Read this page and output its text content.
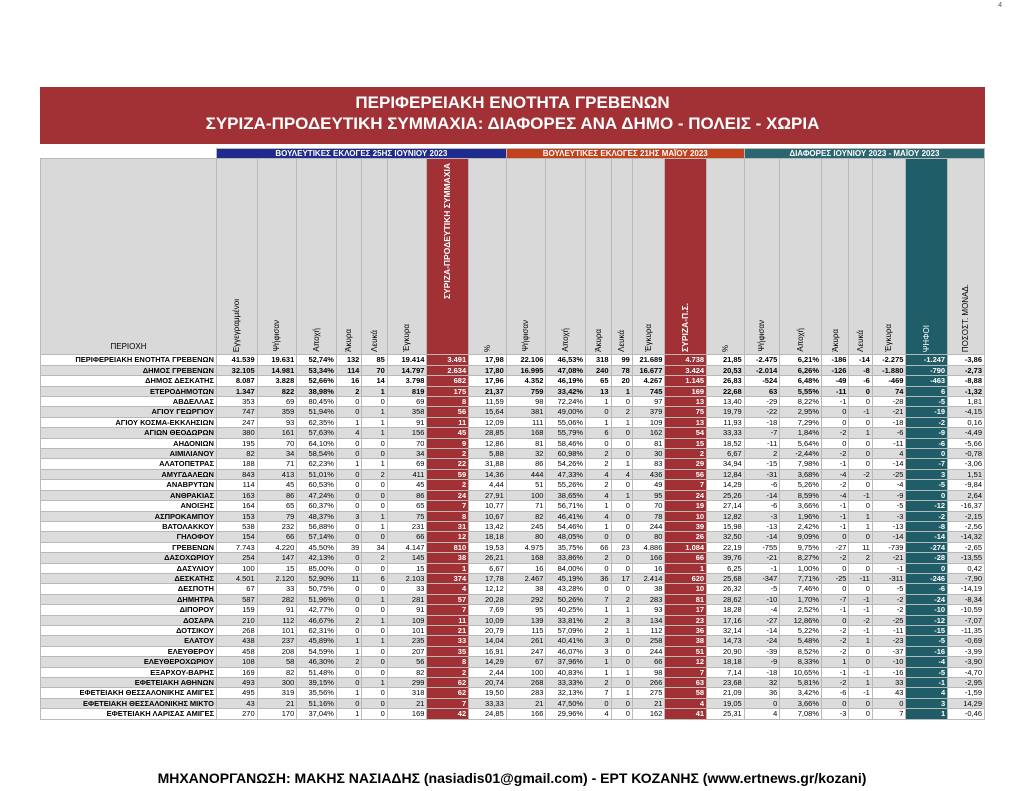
4
ΠΕΡΙΦΕΡΕΙΑΚΗ ΕΝΟΤΗΤΑ ΓΡΕΒΕΝΩΝ
ΣΥΡΙΖΑ-ΠΡΟΔΕΥΤΙΚΗ ΣΥΜΜΑΧΙΑ: ΔΙΑΦΟΡΕΣ ΑΝΑ ΔΗΜΟ - ΠΟΛΕΙΣ - ΧΩΡΙΑ
	ΒΟΥΛΕΥΤΙΚΕΣ ΕΚΛΟΓΕΣ 25ΗΣ ΙΟΥΝΙΟΥ 2023								ΒΟΥΛΕΥΤΙΚΕΣ ΕΚΛΟΓΕΣ 21ΗΣ ΜΑΪΟΥ 2023							ΔΙΑΦΟΡΕΣ ΙΟΥΝΙΟΥ 2023 - ΜΑΪΟΥ 2023						
ΠΕΡΙΟΧΗ	Εγγεγραμμένοι	Ψήφισαν	Αποχή	Άκυρα	Λευκά	Έγκυρα	ΣΥΡΙΖΑ-ΠΡΟΔΕΥΤΙΚΗ ΣΥΜΜΑΧΙΑ	%	Ψήφισαν	Αποχή	Άκυρα	Λευκά	Έγκυρα	ΣΥΡΙΖΑ-Π.Σ.	%	Ψήφισαν	Αποχή	Άκυρα	Λευκά	Έγκυρα	ΨΗΦΟΙ	ΠΟΣΟΣΤ. ΜΟΝΑΔ.
ΠΕΡΙΦΕΡΕΙΑΚΗ ΕΝΟΤΗΤΑ ΓΡΕΒΕΝΩΝ	41.539	19.631	52,74%	132	85	19.414	3.491	17,98	22.106	46,53%	318	99	21.689	4.738	21,85	-2.475	6,21%	-186	-14	-2.275	-1.247	-3,86
ΔΗΜΟΣ ΓΡΕΒΕΝΩΝ	32.105	14.981	53,34%	114	70	14.797	2.634	17,80	16.995	47,08%	240	78	16.677	3.424	20,53	-2.014	6,26%	-126	-8	-1.880	-790	-2,73
ΔΗΜΟΣ ΔΕΣΚΑΤΗΣ	8.087	3.828	52,66%	16	14	3.798	682	17,96	4.352	46,19%	65	20	4.267	1.145	26,83	-524	6,48%	-49	-6	-469	-463	-8,88
ΕΤΕΡΟΔΗΜΟΤΩΝ	1.347	822	38,98%	2	1	819	175	21,37	759	33,42%	13	1	745	169	22,68	63	5,55%	-11	0	74	6	-1,32
ΑΒΔΕΛΛΑΣ	353	69	80,45%	0	0	69	8	11,59	98	72,24%	1	0	97	13	13,40	-29	8,22%	-1	0	-28	-5	1,81
ΑΓΙΟΥ ΓΕΩΡΓΙΟΥ	747	359	51,94%	0	1	358	56	15,64	381	49,00%	0	2	379	75	19,79	-22	2,95%	0	-1	-21	-19	-4,15
ΑΓΙΟΥ ΚΟΣΜΑ-ΕΚΚΛΗΣΙΩΝ	247	93	62,35%	1	1	91	11	12,09	111	55,06%	1	1	109	13	11,93	-18	7,29%	0	0	-18	-2	0,16
ΑΓΙΩΝ ΘΕΟΔΩΡΩΝ	380	161	57,63%	4	1	156	45	28,85	168	55,79%	6	0	162	54	33,33	-7	1,84%	-2	1	-6	-9	-4,49
ΑΗΔΟΝΙΩΝ	195	70	64,10%	0	0	70	9	12,86	81	58,46%	0	0	81	15	18,52	-11	5,64%	0	0	-11	-6	-5,66
ΑΙΜΙΛΙΑΝΟΥ	82	34	58,54%	0	0	34	2	5,88	32	60,98%	2	0	30	2	6,67	2	-2,44%	-2	0	4	0	-0,78
ΑΛΑΤΟΠΕΤΡΑΣ	188	71	62,23%	1	1	69	22	31,88	86	54,26%	2	1	83	29	34,94	-15	7,98%	-1	0	-14	-7	-3,06
ΑΜΥΓΔΑΛΕΩΝ	843	413	51,01%	0	2	411	59	14,36	444	47,33%	4	4	436	56	12,84	-31	3,68%	-4	-2	-25	3	1,51
ΑΝΑΒΡΥΤΩΝ	114	45	60,53%	0	0	45	2	4,44	51	55,26%	2	0	49	7	14,29	-6	5,26%	-2	0	-4	-5	-9,84
ΑΝΘΡΑΚΙΑΣ	163	86	47,24%	0	0	86	24	27,91	100	38,65%	4	1	95	24	25,26	-14	8,59%	-4	-1	-9	0	2,64
ΑΝΟΙΞΗΣ	164	65	60,37%	0	0	65	7	10,77	71	56,71%	1	0	70	19	27,14	-6	3,66%	-1	0	-5	-12	-16,37
ΑΣΠΡΟΚΑΜΠΟΥ	153	79	48,37%	3	1	75	8	10,67	82	46,41%	4	0	78	10	12,82	-3	1,96%	-1	1	-3	-2	-2,15
ΒΑΤΟΛΑΚΚΟΥ	538	232	56,88%	0	1	231	31	13,42	245	54,46%	1	0	244	39	15,98	-13	2,42%	-1	1	-13	-8	-2,56
ΓΗΛΟΦΟΥ	154	66	57,14%	0	0	66	12	18,18	80	48,05%	0	0	80	26	32,50	-14	9,09%	0	0	-14	-14	-14,32
ΓΡΕΒΕΝΩΝ	7.743	4.220	45,50%	39	34	4.147	810	19,53	4.975	35,75%	66	23	4.886	1.084	22,19	-755	9,75%	-27	11	-739	-274	-2,65
ΔΑΣΟΧΩΡΙΟΥ	254	147	42,13%	0	2	145	38	26,21	168	33,86%	2	0	166	66	39,76	-21	8,27%	-2	2	-21	-28	-13,55
ΔΑΣΥΛΙΟΥ	100	15	85,00%	0	0	15	1	6,67	16	84,00%	0	0	16	1	6,25	-1	1,00%	0	0	-1	0	0,42
ΔΕΣΚΑΤΗΣ	4.501	2.120	52,90%	11	6	2.103	374	17,78	2.467	45,19%	36	17	2.414	620	25,68	-347	7,71%	-25	-11	-311	-246	-7,90
ΔΕΣΠΟΤΗ	67	33	50,75%	0	0	33	4	12,12	38	43,28%	0	0	38	10	26,32	-5	7,46%	0	0	-5	-6	-14,19
ΔΗΜΗΤΡΑ	587	282	51,96%	0	1	281	57	20,28	292	50,26%	7	2	283	81	28,62	-10	1,70%	-7	-1	-2	-24	-8,34
ΔΙΠΟΡΟΥ	159	91	42,77%	0	0	91	7	7,69	95	40,25%	1	1	93	17	18,28	-4	2,52%	-1	-1	-2	-10	-10,59
ΔΟΣΑΡΑ	210	112	46,67%	2	1	109	11	10,09	139	33,81%	2	3	134	23	17,16	-27	12,86%	0	-2	-25	-12	-7,07
ΔΟΤΣΙΚΟΥ	268	101	62,31%	0	0	101	21	20,79	115	57,09%	2	1	112	36	32,14	-14	5,22%	-2	-1	-11	-15	-11,35
ΕΛΑΤΟΥ	438	237	45,89%	1	1	235	33	14,04	261	40,41%	3	0	258	38	14,73	-24	5,48%	-2	1	-23	-5	-0,69
ΕΛΕΥΘΕΡΟΥ	458	208	54,59%	1	0	207	35	16,91	247	46,07%	3	0	244	51	20,90	-39	8,52%	-2	0	-37	-16	-3,99
ΕΛΕΥΘΕΡΟΧΩΡΙΟΥ	108	58	46,30%	2	0	56	8	14,29	67	37,96%	1	0	66	12	18,18	-9	8,33%	1	0	-10	-4	-3,90
ΕΞΑΡΧΟΥ-ΒΑΡΗΣ	169	82	51,48%	0	0	82	2	2,44	100	40,83%	1	1	98	7	7,14	-18	10,65%	-1	-1	-16	-5	-4,70
ΕΦΕΤΕΙΑΚΗ ΑΘΗΝΩΝ	493	300	39,15%	0	1	299	62	20,74	268	33,33%	2	0	266	63	23,68	32	5,81%	-2	1	33	-1	-2,95
ΕΦΕΤΕΙΑΚΗ ΘΕΣΣΑΛΟΝΙΚΗΣ ΑΜΙΓΕΣ	495	319	35,56%	1	0	318	62	19,50	283	32,13%	7	1	275	58	21,09	36	3,42%	-6	-1	43	4	-1,59
ΕΦΕΤΕΙΑΚΗ ΘΕΣΣΑΛΟΝΙΚΗΣ ΜΙΚΤΟ	43	21	51,16%	0	0	21	7	33,33	21	47,50%	0	0	21	4	19,05	0	3,66%	0	0	0	3	14,29
ΕΦΕΤΕΙΑΚΗ ΛΑΡΙΣΑΣ ΑΜΙΓΕΣ	270	170	37,04%	1	0	169	42	24,85	166	29,96%	4	0	162	41	25,31	4	7,08%	-3	0	7	1	-0,46
ΜΗΧΑΝΟΡΓΑΝΩΣΗ: ΜΑΚΗΣ ΝΑΣΙΑΔΗΣ (nasiadis01@gmail.com) - ΕΡΤ ΚΟΖΑΝΗΣ (www.ertnews.gr/kozani)
